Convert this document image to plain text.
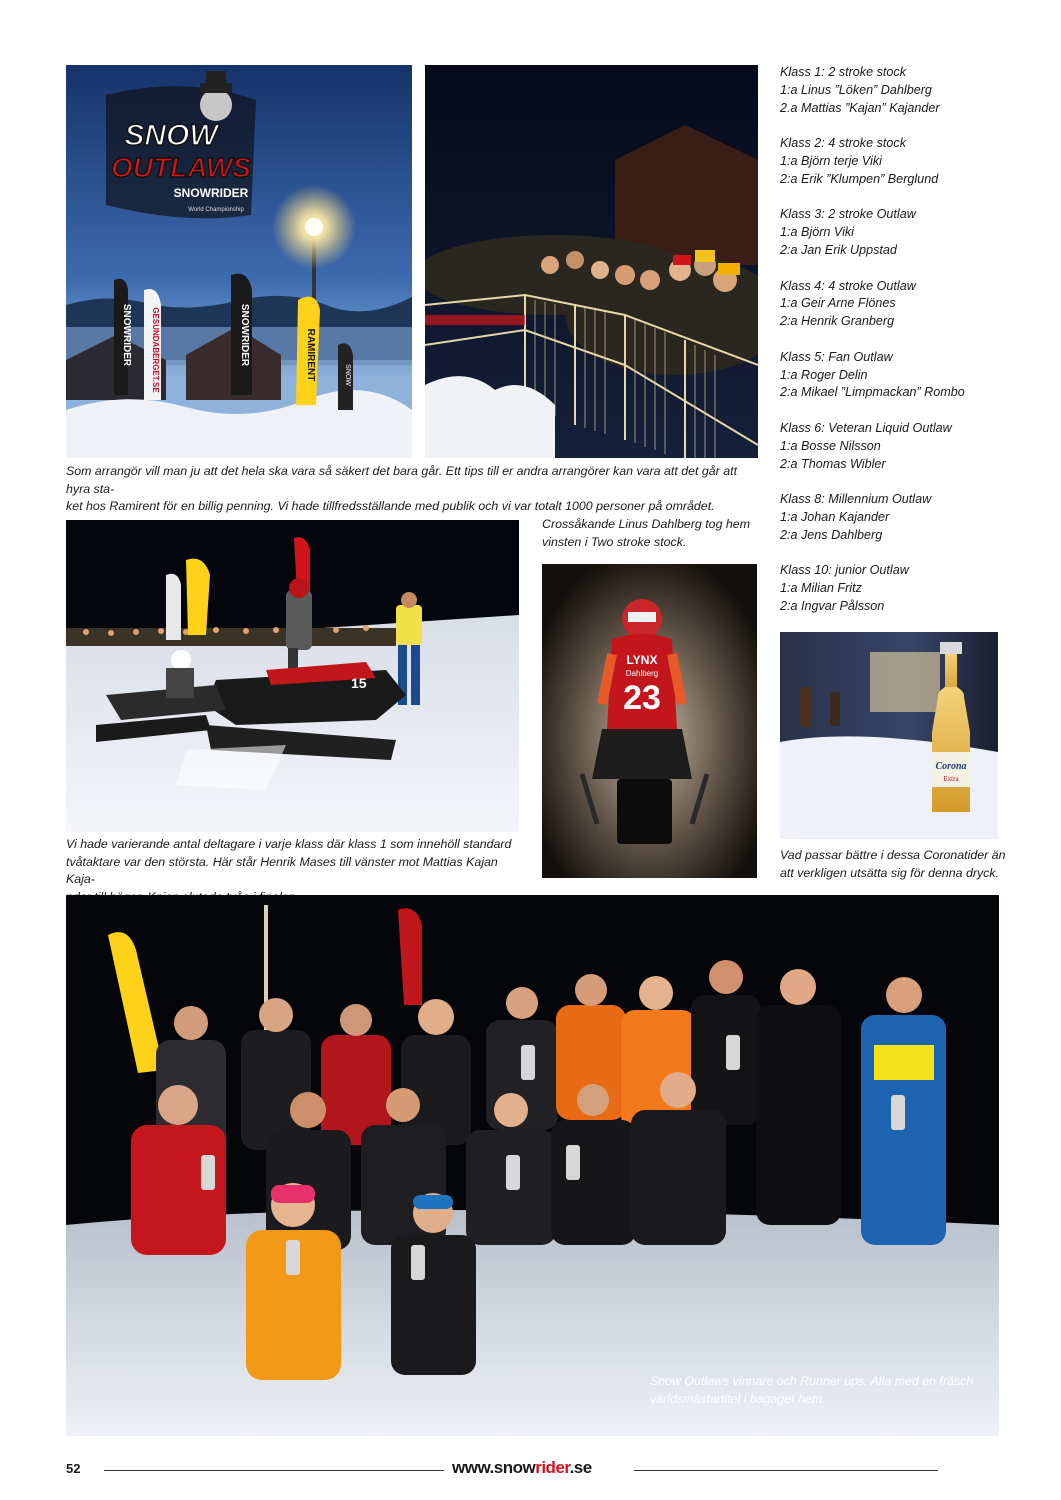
SNOWRIDER GESUNDABERGET.SE	SNOWRIDER	RAMIRENT	SNOW
SNOW
OUTLAWS
SNOWRIDER
World Championship
Som arrangör vill man ju att det hela ska vara så säkert det bara går. Ett tips till er andra arrangörer kan vara att det går att hyra sta-
ket hos Ramirent för en billig penning. Vi hade tillfredsställande med publik och vi var totalt 1000 personer på området.
Klass 1: 2 stroke stock
1:a Linus ”Löken” Dahlberg
2.a Mattias ”Kajan” Kajander
Klass 2: 4 stroke stock
1:a Björn terje Viki
2:a Erik ”Klumpen” Berglund
Klass 3: 2 stroke Outlaw
1:a Björn Viki
2:a Jan Erik Uppstad
Klass 4: 4 stroke Outlaw
1:a Geir Arne Flönes
2:a Henrik Granberg
Klass 5: Fan Outlaw
1:a Roger Delin
2:a Mikael ”Limpmackan” Rombo
Klass 6: Veteran Liquid Outlaw
1:a Bosse Nilsson
2:a Thomas Wibler
Klass 8: Millennium Outlaw
1:a Johan Kajander
2:a Jens Dahlberg
Klass 10: junior Outlaw
1:a Milian Fritz
2:a Ingvar Pålsson
15
Crossåkande Linus Dahlberg tog hem
vinsten i Two stroke stock.
Vi hade varierande antal deltagare i varje klass där klass 1 som innehöll standard
tvåtaktare var den största. Här står Henrik Mases till vänster mot Mattias Kajan Kaja-
LYNX
Dahlberg
23
Corona
Extra
Vad passar bättre i dessa Coronatider än
att verkligen utsätta sig för denna dryck.
Snow Outlaws vinnare och Runner ups. Alla med en fräsch
världsmästartitel i bagaget hem.
52	www.snowrider.se
